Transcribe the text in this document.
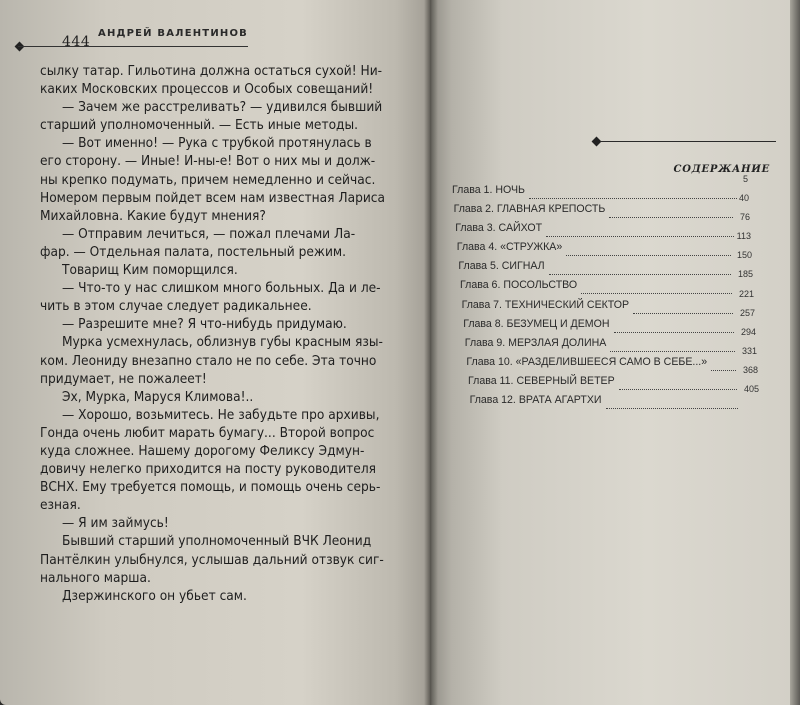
444
АНДРЕЙ ВАЛЕНТИНОВ

сылку татар. Гильотина должна остаться сухой! Ни-

каких Московских процессов и Особых совещаний!

— Зачем же расстреливать? — удивился бывший

старший уполномоченный. — Есть иные методы.

— Вот именно! — Рука с трубкой протянулась в

его сторону. — Иные! И-ны-е! Вот о них мы и долж-

ны крепко подумать, причем немедленно и сейчас.

Номером первым пойдет всем нам известная Лариса

Михайловна. Какие будут мнения?

— Отправим лечиться, — пожал плечами Ла-

фар. — Отдельная палата, постельный режим.

Товарищ Ким поморщился.

— Что-то у нас слишком много больных. Да и ле-

чить в этом случае следует радикальнее.

— Разрешите мне? Я что-нибудь придумаю.

Мурка усмехнулась, облизнув губы красным язы-

ком. Леониду внезапно стало не по себе. Эта точно

придумает, не пожалеет!

Эх, Мурка, Маруся Климова!..

— Хорошо, возьмитесь. Не забудьте про архивы,

Гонда очень любит марать бумагу... Второй вопрос

куда сложнее. Нашему дорогому Феликсу Эдмун-

довичу нелегко приходится на посту руководителя

ВСНХ. Ему требуется помощь, и помощь очень серь-

езная.

— Я им займусь!

Бывший старший уполномоченный ВЧК Леонид

Пантёлкин улыбнулся, услышав дальний отзвук сиг-

нального марша.

Дзержинского он убьет сам.

СОДЕРЖАНИЕ
Глава 1. НОЧЬ
5
Глава 2. ГЛАВНАЯ КРЕПОСТЬ
40
Глава 3. САЙХОТ
76
Глава 4. «СТРУЖКА»
113
Глава 5. СИГНАЛ
150
Глава 6. ПОСОЛЬСТВО
185
Глава 7. ТЕХНИЧЕСКИЙ СЕКТОР
221
Глава 8. БЕЗУМЕЦ И ДЕМОН
257
Глава 9. МЕРЗЛАЯ ДОЛИНА
294
Глава 10. «РАЗДЕЛИВШЕЕСЯ САМО В СЕБЕ...»
331
Глава 11. СЕВЕРНЫЙ ВЕТЕР
368
Глава 12. ВРАТА АГАРТХИ
405
